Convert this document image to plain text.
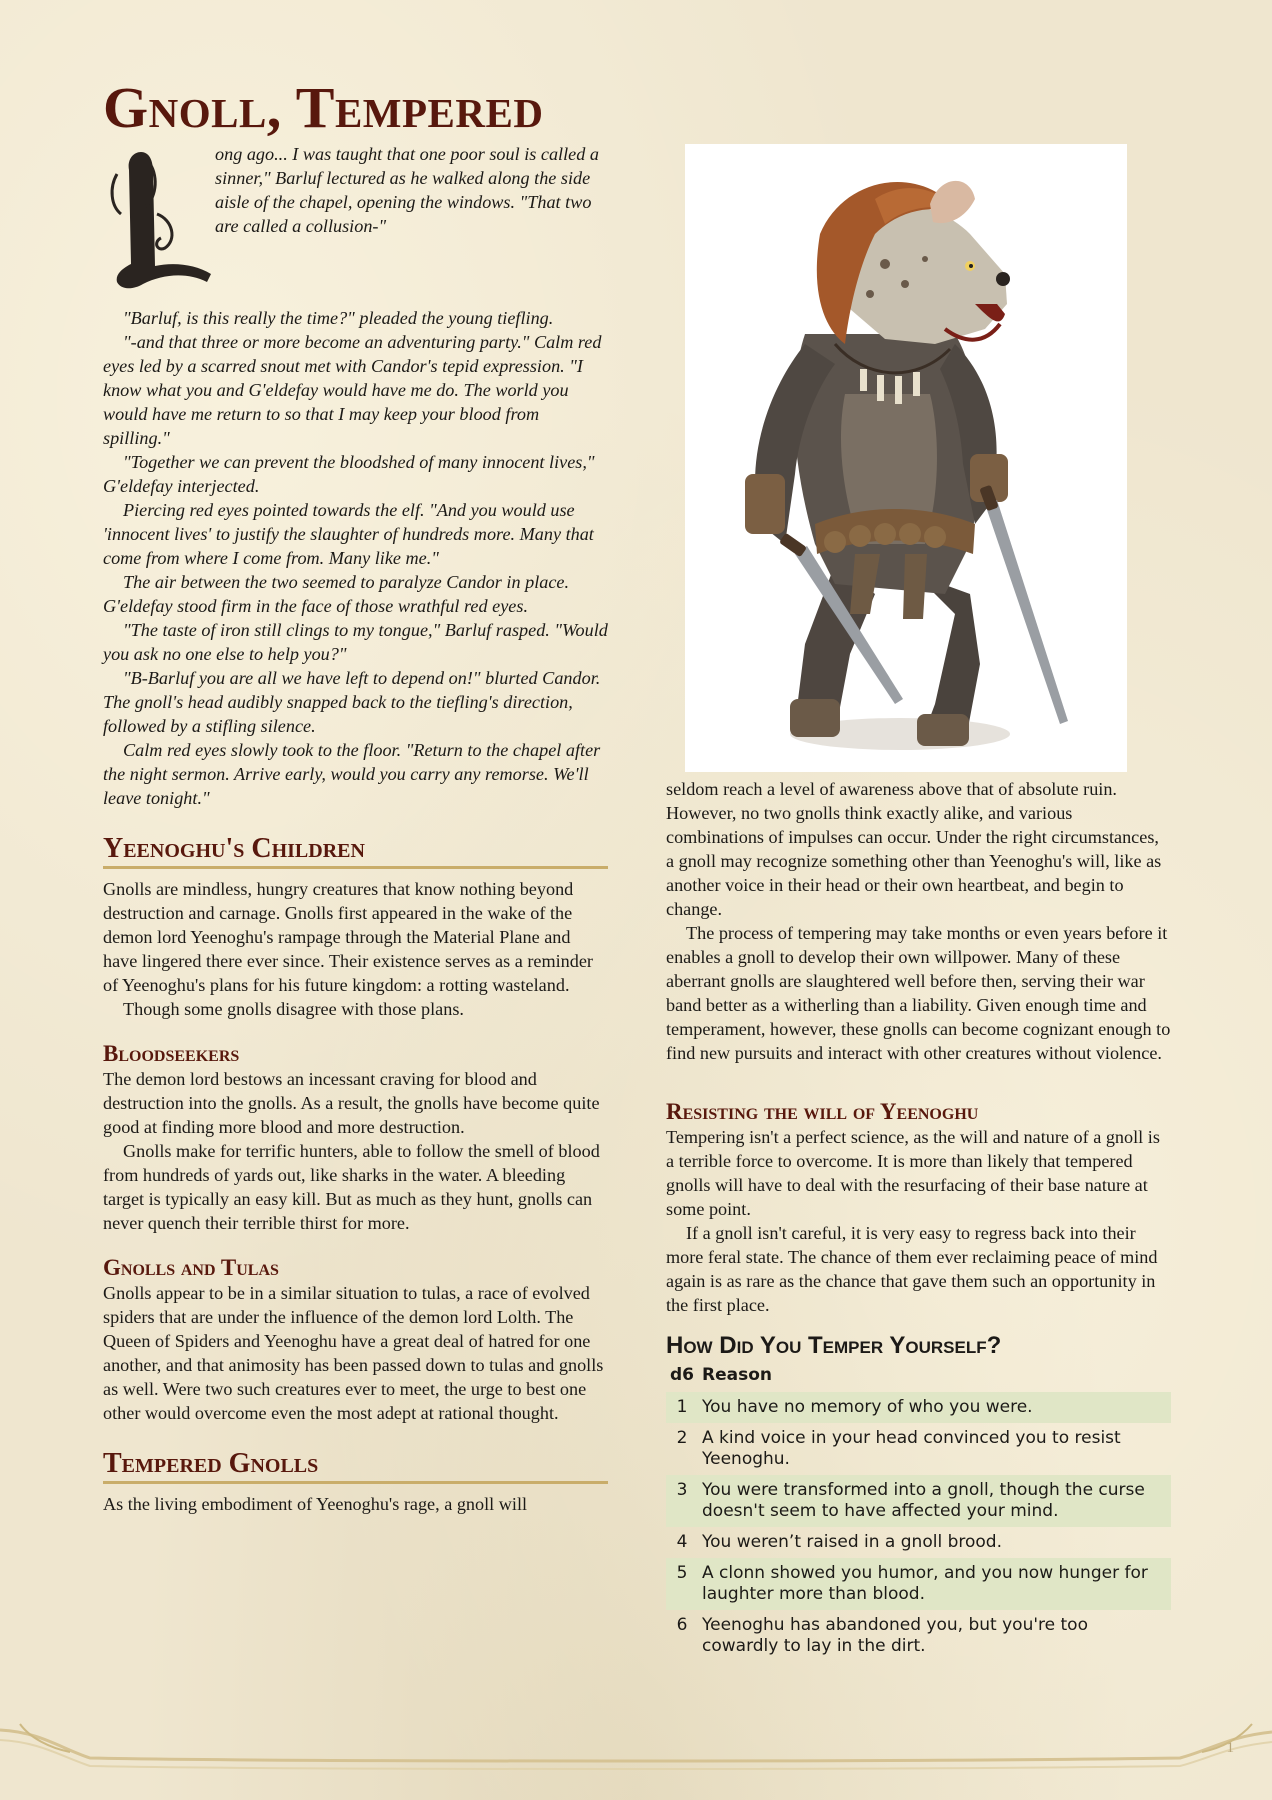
Gnoll, Tempered

ong ago... I was taught that one poor soul is called a sinner," Barluf lectured as he walked along the side aisle of the chapel, opening the windows. "That two are called a collusion-"

"Barluf, is this really the time?" pleaded the young tiefling.

"-and that three or more become an adventuring party." Calm red eyes led by a scarred snout met with Candor's tepid expression. "I know what you and G'eldefay would have me do. The world you would have me return to so that I may keep your blood from spilling."

"Together we can prevent the bloodshed of many innocent lives," G'eldefay interjected.

Piercing red eyes pointed towards the elf. "And you would use 'innocent lives' to justify the slaughter of hundreds more. Many that come from where I come from. Many like me."

The air between the two seemed to paralyze Candor in place. G'eldefay stood firm in the face of those wrathful red eyes.

"The taste of iron still clings to my tongue," Barluf rasped. "Would you ask no one else to help you?"

"B-Barluf you are all we have left to depend on!" blurted Candor. The gnoll's head audibly snapped back to the tiefling's direction, followed by a stifling silence.

Calm red eyes slowly took to the floor. "Return to the chapel after the night sermon. Arrive early, would you carry any remorse. We'll leave tonight."

Yeenoghu's Children

Gnolls are mindless, hungry creatures that know nothing beyond destruction and carnage. Gnolls first appeared in the wake of the demon lord Yeenoghu's rampage through the Material Plane and have lingered there ever since. Their existence serves as a reminder of Yeenoghu's plans for his future kingdom: a rotting wasteland.

Though some gnolls disagree with those plans.

Bloodseekers

The demon lord bestows an incessant craving for blood and destruction into the gnolls. As a result, the gnolls have become quite good at finding more blood and more destruction.

Gnolls make for terrific hunters, able to follow the smell of blood from hundreds of yards out, like sharks in the water. A bleeding target is typically an easy kill. But as much as they hunt, gnolls can never quench their terrible thirst for more.

Gnolls and Tulas

Gnolls appear to be in a similar situation to tulas, a race of evolved spiders that are under the influence of the demon lord Lolth. The Queen of Spiders and Yeenoghu have a great deal of hatred for one another, and that animosity has been passed down to tulas and gnolls as well. Were two such creatures ever to meet, the urge to best one other would overcome even the most adept at rational thought.

Tempered Gnolls

As the living embodiment of Yeenoghu's rage, a gnoll will

seldom reach a level of awareness above that of absolute ruin. However, no two gnolls think exactly alike, and various combinations of impulses can occur. Under the right circumstances, a gnoll may recognize something other than Yeenoghu's will, like as another voice in their head or their own heartbeat, and begin to change.

The process of tempering may take months or even years before it enables a gnoll to develop their own willpower. Many of these aberrant gnolls are slaughtered well before then, serving their war band better as a witherling than a liability. Given enough time and temperament, however, these gnolls can become cognizant enough to find new pursuits and interact with other creatures without violence.

Resisting the will of Yeenoghu

Tempering isn't a perfect science, as the will and nature of a gnoll is a terrible force to overcome. It is more than likely that tempered gnolls will have to deal with the resurfacing of their base nature at some point.

If a gnoll isn't careful, it is very easy to regress back into their more feral state. The chance of them ever reclaiming peace of mind again is as rare as the chance that gave them such an opportunity in the first place.

How Did You Temper Yourself?
d6	Reason
1	You have no memory of who you were.
2	A kind voice in your head convinced you to resist Yeenoghu.
3	You were transformed into a gnoll, though the curse doesn't seem to have affected your mind.
4	You weren’t raised in a gnoll brood.
5	A clonn showed you humor, and you now hunger for laughter more than blood.
6	Yeenoghu has abandoned you, but you're too cowardly to lay in the dirt.
1
